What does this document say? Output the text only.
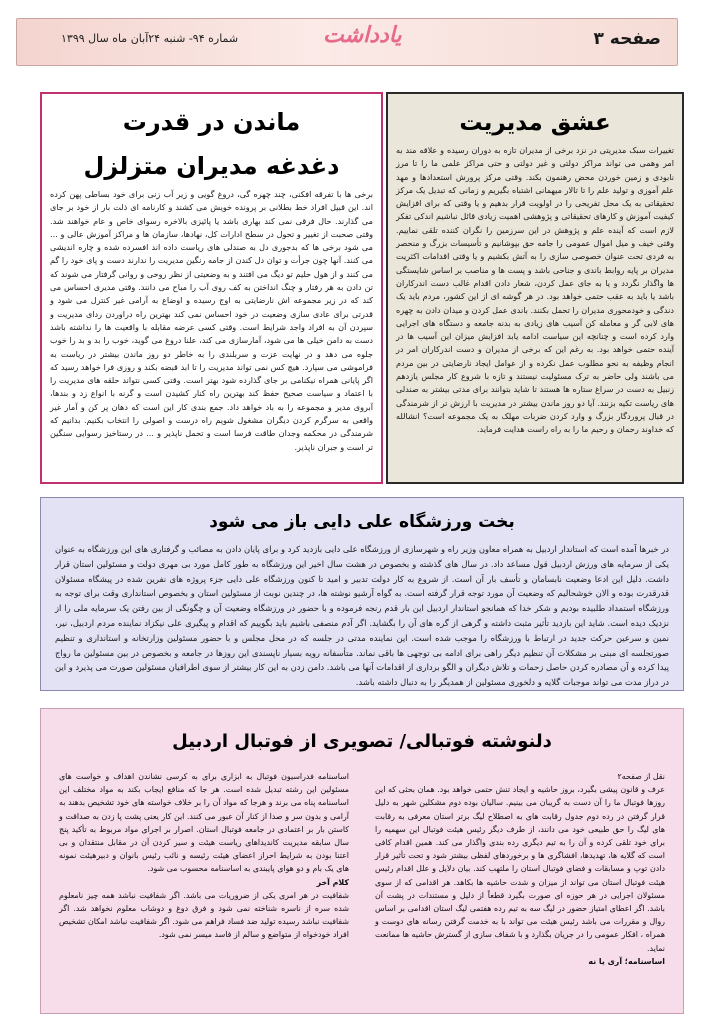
صفحه ۳
یادداشت
شماره ۹۴- شنبه ۲۴آبان ماه سال ۱۳۹۹
عشق مدیریت

تغییرات سبک مدیریتی در نزد برخی از مدیران تازه به دوران رسیده و علاقه مند به امر وهمی می تواند مراکز دولتی و غیر دولتی و حتی مراکز علمی ما را تا مرز نابودی و زمین خوردن محض رهنمون بکند. وقتی مرکز پرورش استعدادها و مهد علم آموزی و تولید علم را تا تالار میهمانی اشتباه بگیریم و زمانی که تبدیل یک مرکز تحقیقاتی به یک محل تفریحی را در اولویت قرار بدهیم و یا وقتی که برای افزایش کیفیت آموزش و کارهای تحقیقاتی و پژوهشی اهمیت زیادی قائل نباشیم اندکی تفکر لازم است که آینده علم و پژوهش در این سرزمین را نگران کننده تلقی نماییم. وقتی خیف و میل اموال عمومی را جامه حق بپوشانیم و تأسیسات بزرگ و منحصر به فردی تحت عنوان خصوصی سازی را به آتش بکشیم و یا وقتی اقدامات اکثریت مدیران بر پایه روابط باندی و جناحی باشد و پست ها و مناصب بر اساس شایستگی ها واگذار نگردد و یا به جای عمل کردن، شعار دادن اقدام غالب دست اندرکاران باشد یا باید به عقب حتمی خواهد بود. در هر گوشه ای از این کشور، مردم باید یک دندگی و خودمحوری مدیران را تحمل بکنند. باندی عمل کردن و میدان دادن به چهره های لابی گر و معامله کن آسیب های زیادی به بدنه جامعه و دستگاه های اجرایی وارد کرده است و چنانچه این سیاست ادامه یابد افزایش میزان این آسیب ها در آینده حتمی خواهد بود. به رغم این که برخی از مدیران و دست اندرکاران امر در انجام وظیفه به نحو مطلوب عمل نکرده و از عوامل ایجاد نارضایتی در بین مردم می باشند ولی حاضر به ترک مسئولیت نیستند و تازه با شروع کار مجلس یازدهم زنبیل به دست در سراغ ستاره ها هستند تا شاید بتوانند برای مدتی بیشتر به صندلی های ریاست تکیه بزنند. آیا دو روز ماندن بیشتر در مدیریت با ارزش تر از شرمندگی در قبال پروردگار بزرگ و وارد کردن ضربات مهلک به یک مجموعه است؟ انشالله که خداوند رحمان و رحیم ما را به راه راست هدایت فرماید.

ماندن در قدرت
دغدغه مدیران متزلزل

برخی ها با تفرقه افکنی، چند چهره گی، دروغ گویی و زیر آب زنی برای خود بساطی پهن کرده اند. این قبیل افراد خط بطلانی بر پرونده خویش می کشند و کارنامه ای ذلت بار از خود بر جای می گذارند. حال فرقی نمی کند بهاری باشد یا پائیزی بالاخره رسوای خاص و عام خواهند شد. وقتی صحبت از تغییر و تحول در سطح ادارات کل، نهادها، سازمان ها و مراکز آموزش عالی و ... می شود برخی ها که بدجوری دل به صندلی های ریاست داده اند افسرده شده و چاره اندیشی می کنند. آنها چون جرأت و توان دل کندن از جامه رنگین مدیریت را ندارند دست و پای خود را گم می کنند و از هول حلیم تو دیگ می افتند و به وضعیتی از نظر روحی و روانی گرفتار می شوند که تن دادن به هر رفتار و چنگ انداختن به کف روی آب را مباح می دانند. وقتی مدیری احساس می کند که در زیر مجموعه اش نارضایتی به اوج رسیده و اوضاع به آرامی غیر کنترل می شود و قدرتی برای عادی سازی وضعیت در خود احساس نمی کند بهترین راه دراوردن ردای مدیریت و سپردن آن به افراد واجد شرایط است. وقتی کسی عرضه مقابله با واقعیت ها را نداشته باشد دست به دامن خیلی ها می شود، آمارسازی می کند، علنا دروغ می گوید، خوب را بد و بد را خوب جلوه می دهد و در نهایت عزت و سربلندی را به خاطر دو روز ماندن بیشتر در ریاست به فراموشی می سپارد. هیچ کس نمی تواند مدیریت را تا ابد قبضه بکند و روزی فرا خواهد رسید که اگر پایانی همراه نیکنامی بر جای گذارده شود بهتر است. وقتی کسی نتواند حلقه های مدیریت را با اعتماد و سیاست صحیح حفظ کند بهترین راه کنار کشیدن است و گرنه با انواع زد و بندها، آبروی مدیر و مجموعه را به باد خواهد داد. جمع بندی کار این است که دهان پر کن و آمار غیر واقعی به سرگرم کردن دیگران مشغول شویم راه درست و اصولی را انتخاب بکنیم. بدانیم که شرمندگی در محکمه وجدان طاقت فرسا است و تحمل ناپذیر و ... در رستاخیز رسوایی سنگین تر است و جبران ناپذیر.

بخت ورزشگاه علی دایی باز می شود

در خبرها آمده است که استاندار اردبیل به همراه معاون وزیر راه و شهرسازی از ورزشگاه علی دایی بازدید کرد و برای پایان دادن به مصائب و گرفتاری های این ورزشگاه به عنوان یکی از سرمایه های ورزش اردبیل قول مساعد داد. در سال های گذشته و بخصوص در هشت سال اخیر این ورزشگاه به طور کامل مورد بی مهری دولت و مسئولین استان قرار داشت. دلیل این ادعا وضعیت نابسامان و تأسف بار آن است. از شروع به کار دولت تدبیر و امید تا کنون ورزشگاه علی دایی جزء پروژه های نفرین شده در پیشگاه مسئولان قدرقدرت بوده و الان خوشحالیم که وضعیت آن مورد توجه قرار گرفته است. به گواه آرشیو نوشته ها، در چندین نوبت از مسئولین استان و بخصوص استانداری وقت برای توجه به ورزشگاه استمداد طلبیده بودیم و شکر خدا که همانجو استاندار اردبیل این بار قدم رنجه فرموده و با حضور در ورزشگاه وضعیت آن و چگونگی از بین رفتن یک سرمایه ملی را از نزدیک دیده است. شاید این بازدید تأثیر مثبت داشته و گرهی از گره های آن را بگشاید. اگر آدم منصفی باشیم باید بگوییم که اقدام و پیگیری علی نیکزاد نماینده مردم اردبیل، نیر، نمین و سرعین حرکت جدید در ارتباط با ورزشگاه را موجب شده است. این نماینده مدتی در جلسه که در محل مجلس و با حضور مسئولین وزارتخانه و استانداری و تنظیم صورتجلسه ای مبنی بر مشکلات آن تنظیم دیگر راهی برای ادامه بی توجهی ها باقی نماند. متأسفانه رویه بسیار ناپسندی این روزها در جامعه و بخصوص در بین مسئولین ما رواج پیدا کرده و آن مصادره کردن حاصل زحمات و تلاش دیگران و الگو برداری از اقدامات آنها می باشد. دامن زدن به این کار بیشتر از سوی اطرافیان مسئولین صورت می پذیرد و این در دراز مدت می تواند موجبات گلایه و دلخوری مسئولین از همدیگر را به دنبال داشته باشد.

دلنوشته فوتبالی/ تصویری از فوتبال اردبیل

نقل از صفحه۲

عرف و قانون پیشی بگیرد، بروز حاشیه و ایجاد تنش حتمی خواهد بود. همان بحثی که این روزها فوتبال ما را آن دست به گریبان می بینیم. سالیان بوده دوم مشکلین شهر به دلیل قرار گرفتن در رده دوم جدول رقابت های به اصطلاح لیگ برتر استان معرفی به رقابت های لیگ را حق طبیعی خود می دانند، از طرف دیگر رئیس هیئت فوتبال این سهمیه را برای خود تلقی کرده و آن را به تیم دیگری رده بندی واگذار می کند. همین اقدام کافی است که گلایه ها، تهدیدها، افشاگری ها و برخوردهای لفظی بیشتر شود و تحت تأثیر قرار دادن توپ و مسابقات و فضای فوتبال استان را ملتهب کند. بیان دلایل و علل اقدام رئیس هیئت فوتبال استان می تواند از میزان و شدت حاشیه ها بکاهد. هر اقدامی که از سوی مسئولان اجرایی در هر حوزه ای صورت بگیرد قطعاً از دلیل و مستندات در پشت آن باشد. اگر اعطای امتیاز حضور در لیگ سه به تیم رده هفتمی لیگ استان اقدامی بر اساس روال و مقررات می باشد رئیس هیئت می تواند با به خدمت گرفتن رسانه های دوست و همراه ، افکار عمومی را در جریان بگذارد و با شفاف سازی از گسترش حاشیه ها ممانعت نماید.

اساسنامه؛ آری یا نه

اساسنامه فدراسیون فوتبال به ابزاری برای به کرسی نشاندن اهداف و خواست های مسئولین این رشته تبدیل شده است. هر جا که منافع ایجاب بکند به مواد مختلف این اساسنامه پناه می برند و هرجا که مواد آن را بر خلاف خواسته های خود تشخیص بدهند به آرامی و بدون سر و صدا از کنار آن عبور می کنند. این کار یعنی پشت پا زدن به صداقت و کاستن بار بر اعتمادی در جامعه فوتبال استان. اصرار بر اجرای مواد مربوط به تأکید پنج سال سابقه مدیریت کاندیداهای ریاست هیئت و سیر کردن آن در مقابل منتقدان و بی اعتنا بودن به شرایط احراز اعضای هیئت رئیسه و نائب رئیس بانوان و دبیرهیئت نمونه های یک بام و دو هوای پایبندی به اساسنامه محسوب می شود.

کلام آخر

شفافیت در هر امری یکی از ضروریات می باشد. اگر شفافیت نباشد همه چیز نامعلوم شده سره از ناسره شناخته نمی شود و فرق دوغ و دوشاب معلوم نخواهد شد. اگر شفافیت نباشد رسیده تولید ضد فساد فراهم می شود. اگر شفافیت نباشد امکان تشخیص افراد خودخواه از متواضع و سالم از فاسد میسر نمی شود.
